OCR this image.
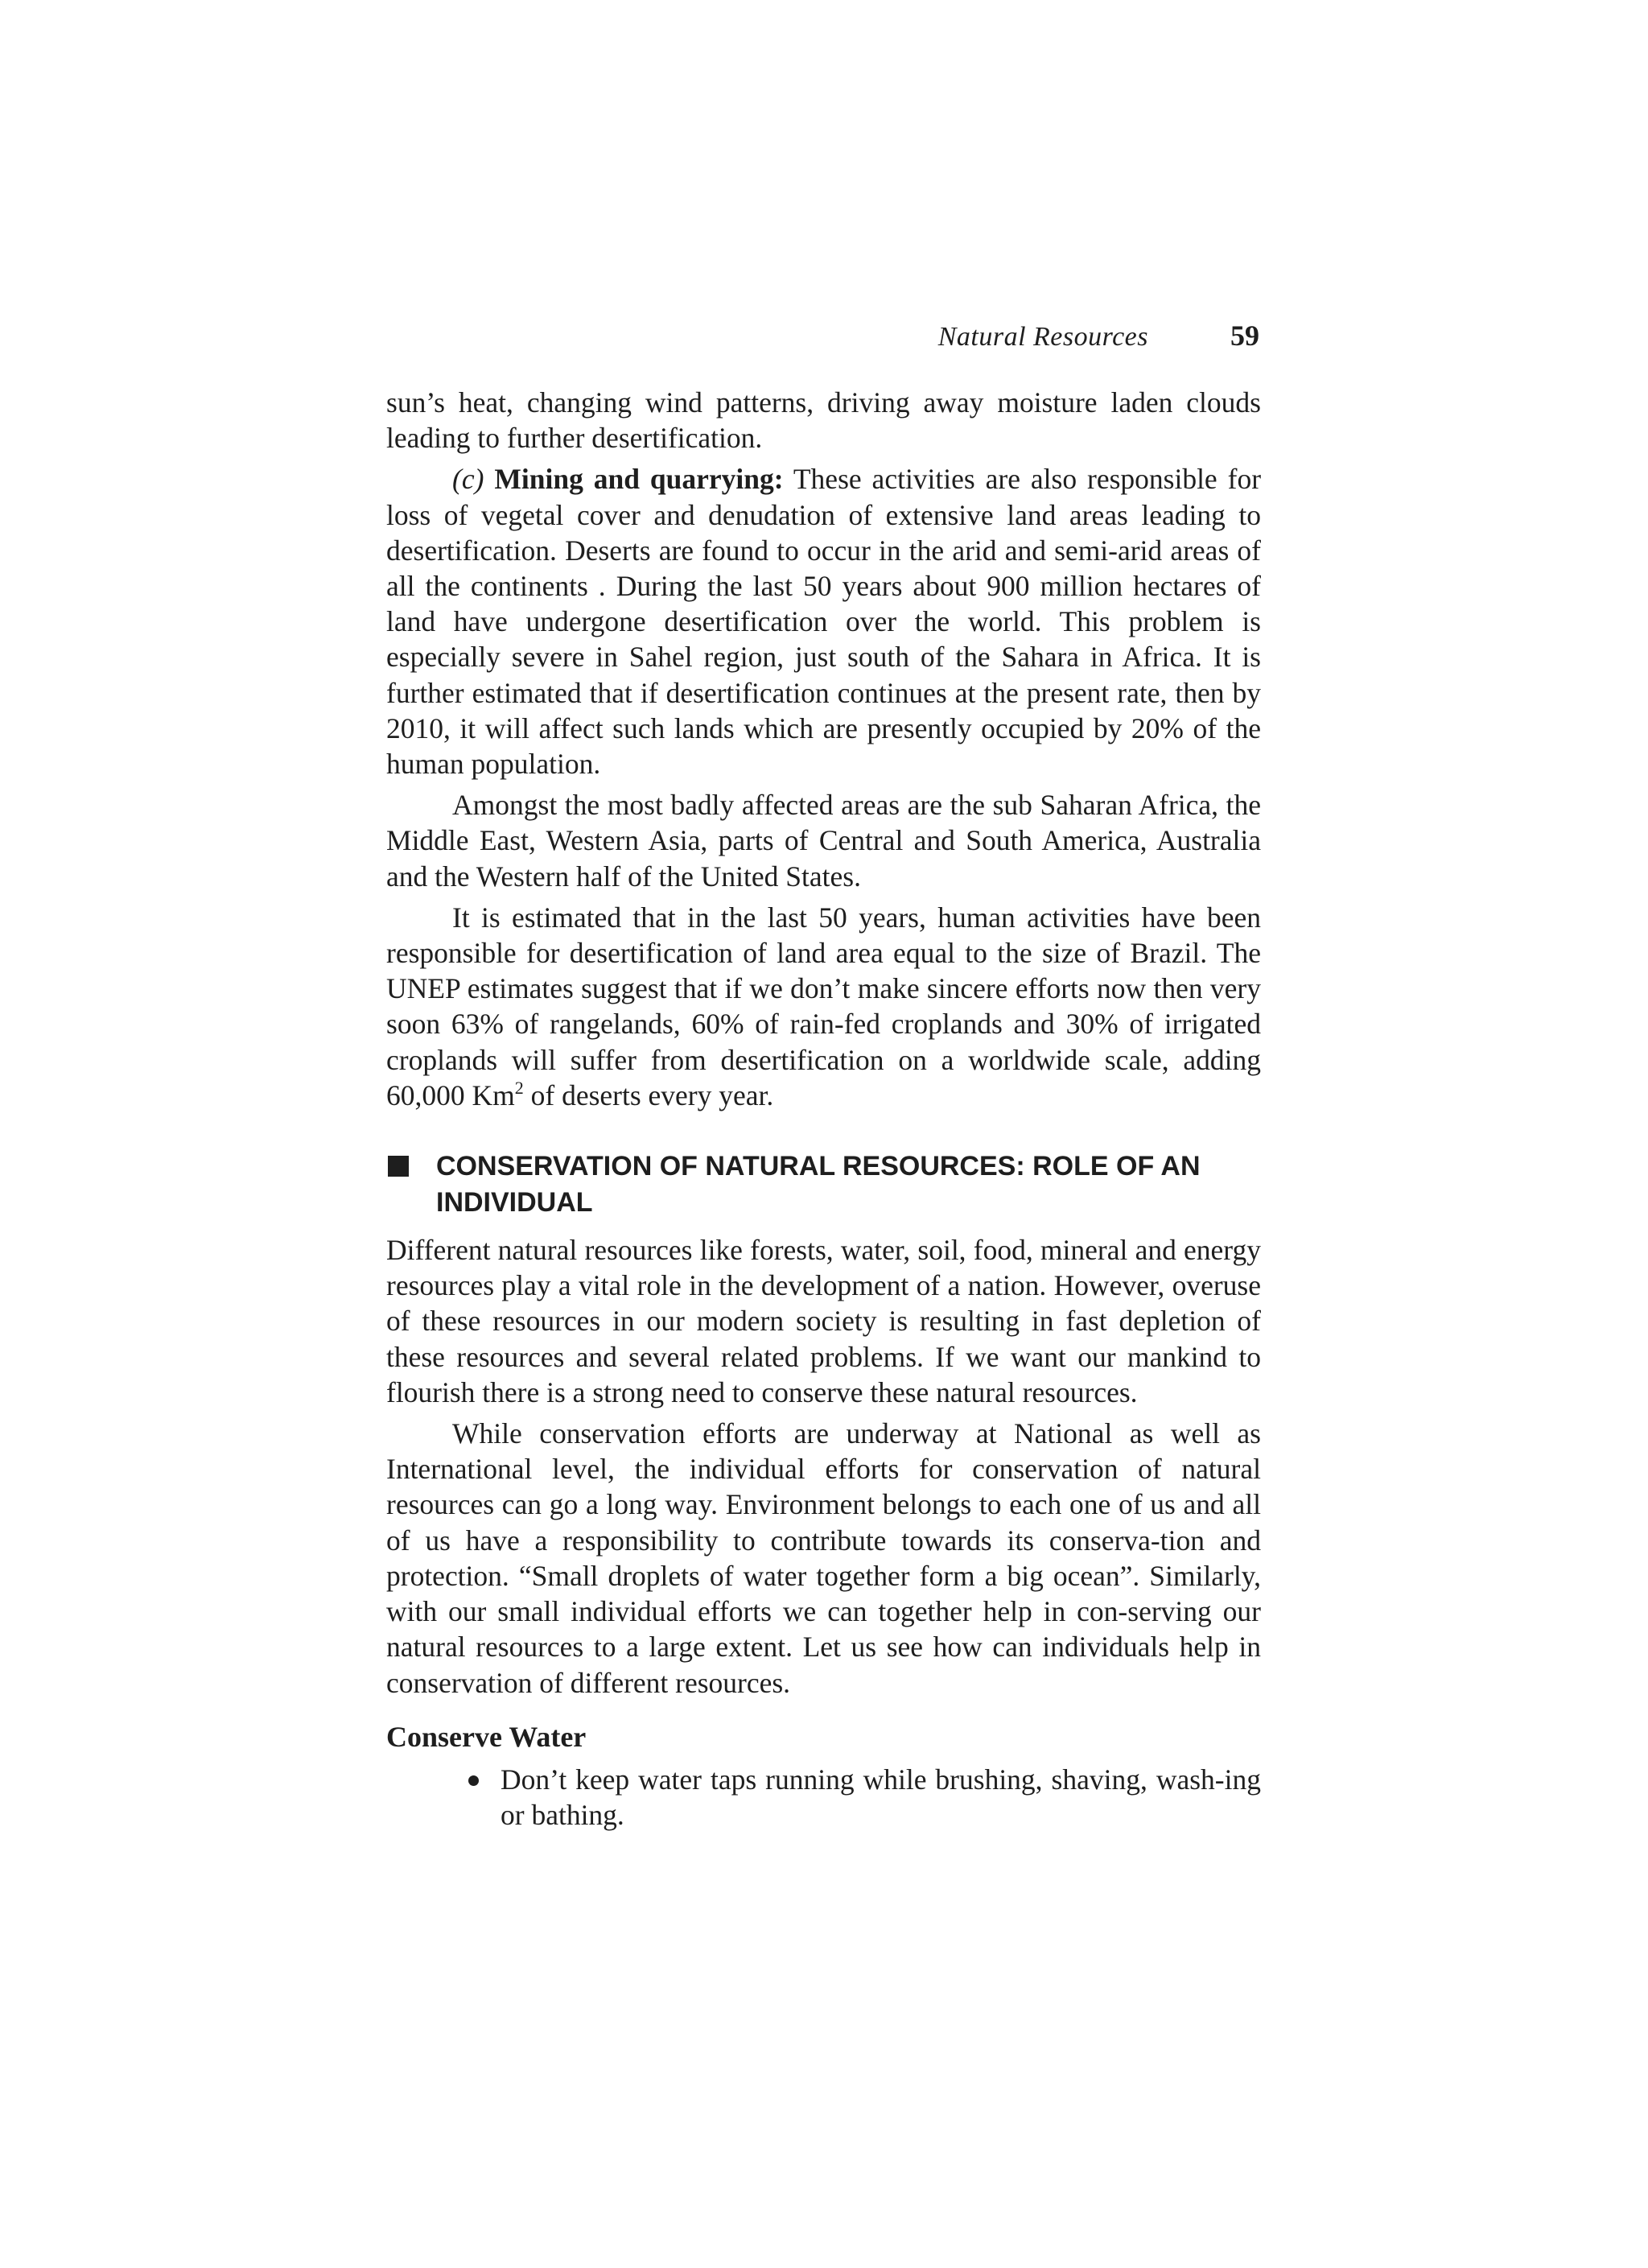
Natural Resources	59

sun’s heat, changing wind patterns, driving away moisture laden clouds leading to further desertification.

(c) Mining and quarrying: These activities are also responsible for loss of vegetal cover and denudation of extensive land areas leading to desertification. Deserts are found to occur in the arid and semi-arid areas of all the continents . During the last 50 years about 900 million hectares of land have undergone desertification over the world. This problem is especially severe in Sahel region, just south of the Sahara in Africa. It is further estimated that if desertification continues at the present rate, then by 2010, it will affect such lands which are presently occupied by 20% of the human population.

Amongst the most badly affected areas are the sub Saharan Africa, the Middle East, Western Asia, parts of Central and South America, Australia and the Western half of the United States.

It is estimated that in the last 50 years, human activities have been responsible for desertification of land area equal to the size of Brazil. The UNEP estimates suggest that if we don’t make sincere efforts now then very soon 63% of rangelands, 60% of rain-fed croplands and 30% of irrigated croplands will suffer from desertification on a worldwide scale, adding 60,000 Km$^2$ of deserts every year.

CONSERVATION OF NATURAL RESOURCES: ROLE OF AN INDIVIDUAL

Different natural resources like forests, water, soil, food, mineral and energy resources play a vital role in the development of a nation. However, overuse of these resources in our modern society is resulting in fast depletion of these resources and several related problems. If we want our mankind to flourish there is a strong need to conserve these natural resources.

While conservation efforts are underway at National as well as International level, the individual efforts for conservation of natural resources can go a long way. Environment belongs to each one of us and all of us have a responsibility to contribute towards its conserva-tion and protection. “Small droplets of water together form a big ocean”. Similarly, with our small individual efforts we can together help in con-serving our natural resources to a large extent. Let us see how can individuals help in conservation of different resources.

Conserve Water

Don’t keep water taps running while brushing, shaving, wash-ing or bathing.
